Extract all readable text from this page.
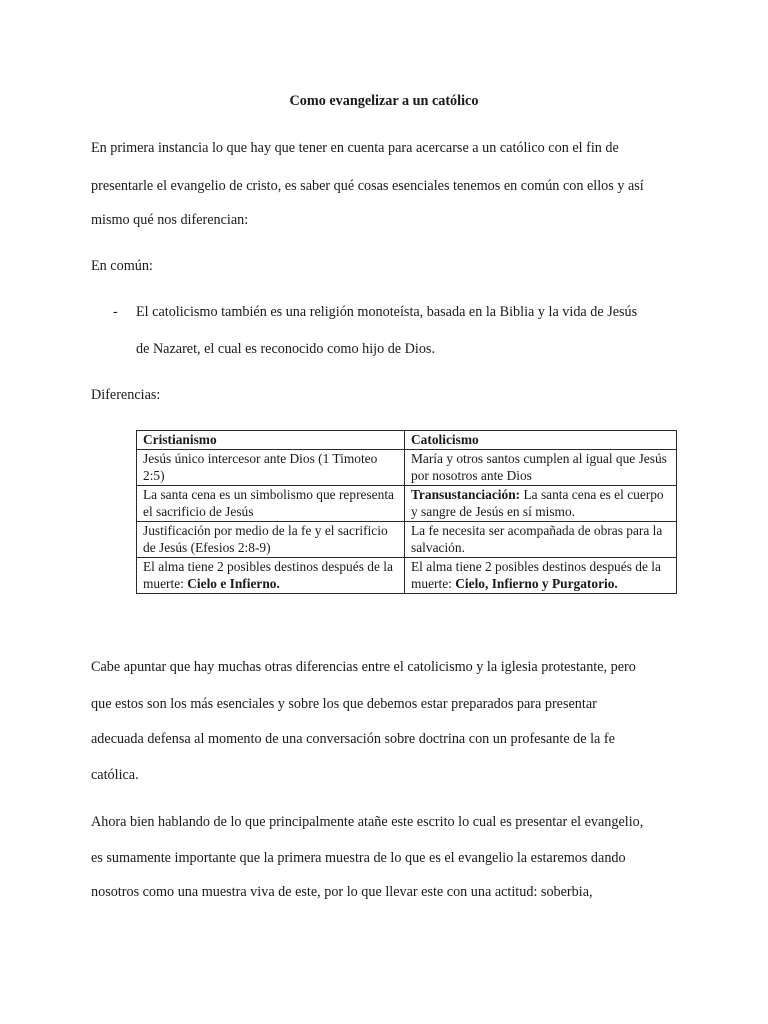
Como evangelizar a un católico
En primera instancia lo que hay que tener en cuenta para acercarse a un católico con el fin de
presentarle el evangelio de cristo, es saber qué cosas esenciales tenemos en común con ellos y así
mismo qué nos diferencian:
En común:
- El catolicismo también es una religión monoteísta, basada en la Biblia y la vida de Jesús
de Nazaret, el cual es reconocido como hijo de Dios.
Diferencias:
Cristianismo	Catolicismo
Jesús único intercesor ante Dios (1 Timoteo 2:5)	María y otros santos cumplen al igual que Jesús por nosotros ante Dios
La santa cena es un simbolismo que representa el sacrificio de Jesús	Transustanciación: La santa cena es el cuerpo y sangre de Jesús en sí mismo.
Justificación por medio de la fe y el sacrificio de Jesús (Efesios 2:8-9)	La fe necesita ser acompañada de obras para la salvación.
El alma tiene 2 posibles destinos después de la muerte: Cielo e Infierno.	El alma tiene 2 posibles destinos después de la muerte: Cielo, Infierno y Purgatorio.
Cabe apuntar que hay muchas otras diferencias entre el catolicismo y la iglesia protestante, pero
que estos son los más esenciales y sobre los que debemos estar preparados para presentar
adecuada defensa al momento de una conversación sobre doctrina con un profesante de la fe
católica.
Ahora bien hablando de lo que principalmente atañe este escrito lo cual es presentar el evangelio,
es sumamente importante que la primera muestra de lo que es el evangelio la estaremos dando
nosotros como una muestra viva de este, por lo que llevar este con una actitud: soberbia,
